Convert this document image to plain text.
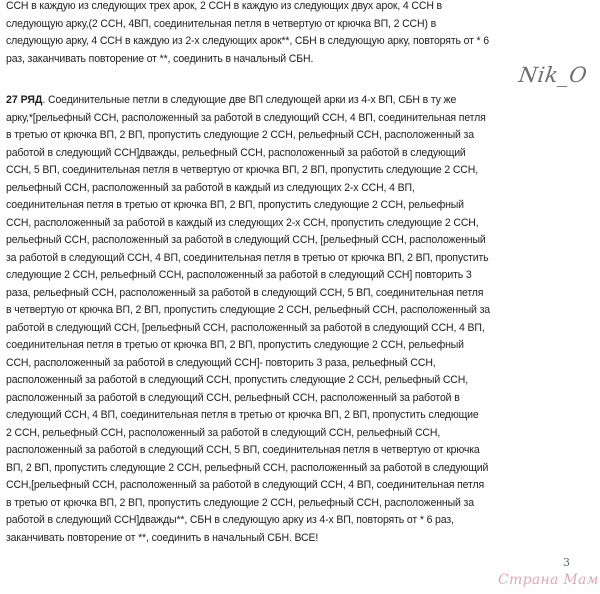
ССН в каждую из следующих трех арок, 2 ССН в каждую из следующих двух арок, 4 ССН в
следующую арку,(2 ССН, 4ВП, соединительная петля в четвертую от крючка ВП, 2 ССН) в
следующую арку, 4 ССН в каждую из 2-х следующих арок**, СБН в следующую арку, повторять от * 6
раз, заканчивать повторение от **, соединить в начальный СБН.
Nik_O
27 РЯД. Соединительные петли в следующие две ВП следующей арки из 4-х ВП, СБН в ту же
арку,*[рельефный ССН, расположенный за работой в следующий ССН, 4 ВП, соединительная петля
в третью от крючка ВП, 2 ВП, пропустить следующие 2 ССН, рельефный ССН, расположенный за
работой в следующий ССН]дважды, рельефный ССН, расположенный за работой в следующий
ССН, 5 ВП, соединительная петля в четвертую от крючка ВП, 2 ВП, пропустить следующие 2 ССН,
рельефный ССН, расположенный за работой в каждый из следующих 2-х ССН, 4 ВП,
соединительная петля в третью от крючка ВП, 2 ВП, пропустить следующие 2 ССН, рельефный
ССН, расположенный за работой в каждый из следующих 2-х ССН, пропустить следующие 2 ССН,
рельефный ССН, расположенный за работой в следующий ССН, [рельефный ССН, расположенный
за работой в следующий ССН, 4 ВП, соединительная петля в третью от крючка ВП, 2 ВП, пропустить
следующие 2 ССН, рельефный ССН, расположенный за работой в следующий ССН] повторить 3
раза, рельефный ССН, расположенный за работой в следующий ССН, 5 ВП, соединительная петля
в четвертую от крючка ВП, 2 ВП, пропустить следующие 2 ССН, рельефный ССН, расположенный за
работой в следующий ССН, [рельефный ССН, расположенный за работой в следующий ССН, 4 ВП,
соединительная петля в третью от крючка ВП, 2 ВП, пропустить следующие 2 ССН, рельефный
ССН, расположенный за работой в следующий ССН]- повторить 3 раза, рельефный ССН,
расположенный за работой в следующий ССН, пропустить следующие 2 ССН, рельефный ССН,
расположенный за работой в следующий ССН, рельефный ССН, расположенный за работой в
следующий ССН, 4 ВП, соединительная петля в третью от крючка ВП, 2 ВП, пропустить следющие
2 ССН, рельефный ССН, расположенный за работой в следующий ССН, рельефный ССН,
расположенный за работой в следующий ССН, 5 ВП, соединительная петля в четвертую от крючка
ВП, 2 ВП, пропустить следующие 2 ССН, рельефный ССН, расположенный за работой в следующий
ССН,[рельефный ССН, расположенный за работой в следующий ССН, 4 ВП, соединительная петля
в третью от крючка ВП, 2 ВП, пропустить следующие 2 ССН, рельефный ССН, расположенный за
работой в следующий ССН]дважды**, СБН в следующую арку из 4-х ВП, повторять от * 6 раз,
заканчивать повторение от **, соединить в начальный СБН. ВСЕ!
3
Страна Мам
